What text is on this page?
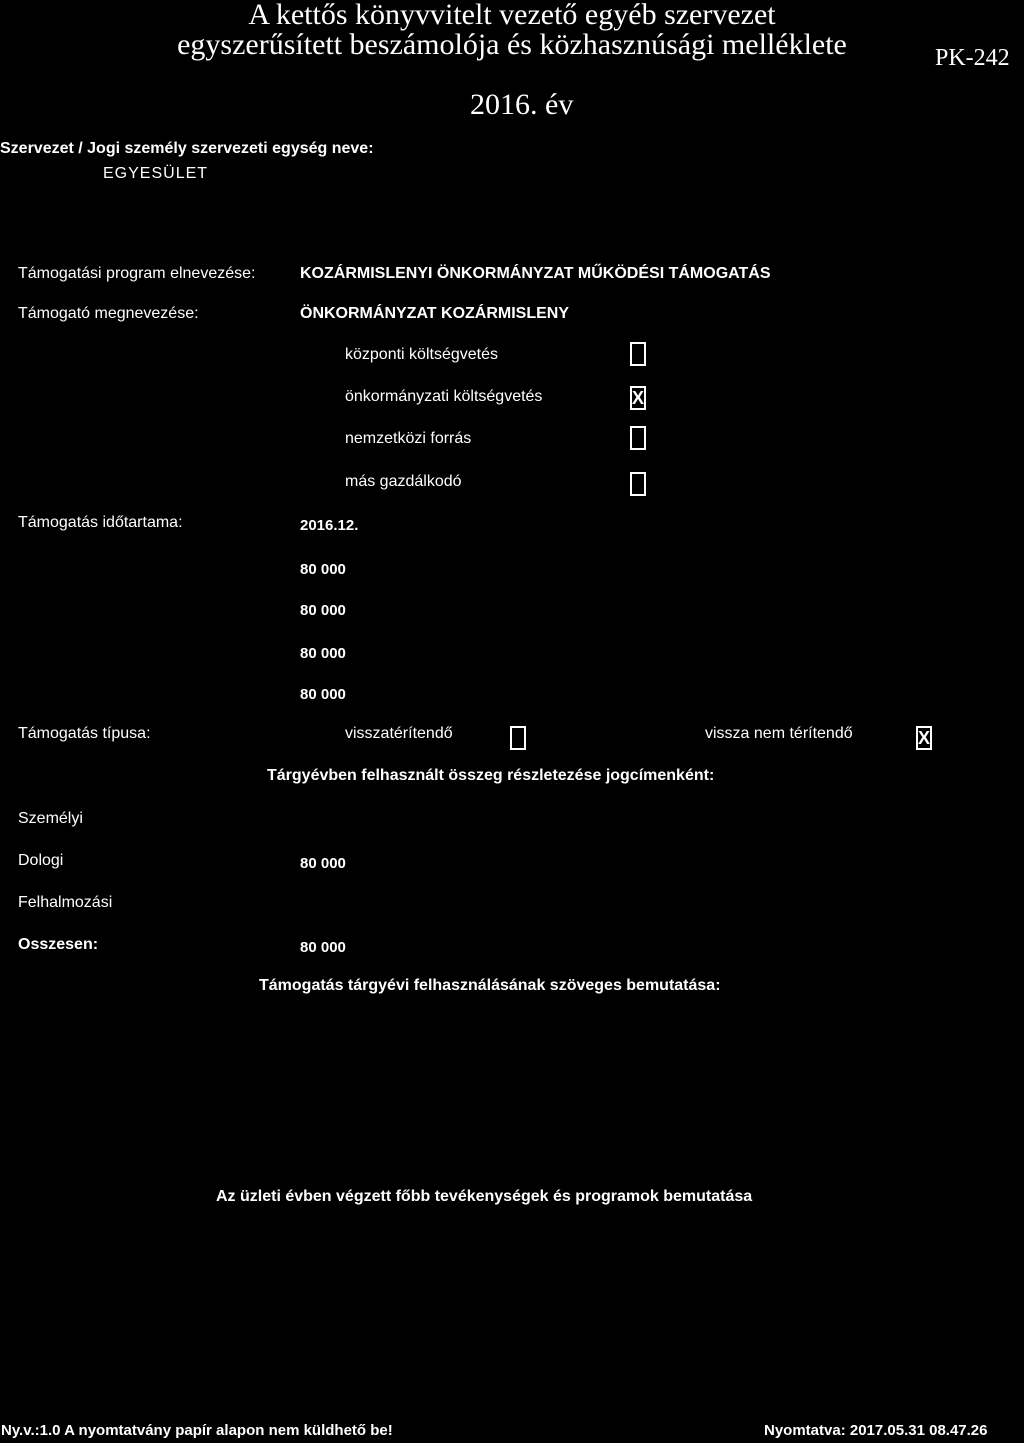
A kettős könyvvitelt vezető egyéb szervezet
egyszerűsített beszámolója és közhasznúsági melléklete	PK-242
2016. év
Szervezet / Jogi személy szervezeti egység neve:
EGYESÜLET
Támogatási program elnevezése:	KOZÁRMISLENYI ÖNKORMÁNYZAT MŰKÖDÉSI TÁMOGATÁS
Támogató megnevezése:	ÖNKORMÁNYZAT KOZÁRMISLENY
központi költségvetés
önkormányzati költségvetés	X
nemzetközi forrás
más gazdálkodó
Támogatás időtartama:	2016.12.
80 000
80 000
80 000
80 000
Támogatás típusa:	visszatérítendő	vissza nem térítendő	X
Tárgyévben felhasznált összeg részletezése jogcímenként:
Személyi
Dologi	80 000
Felhalmozási
Osszesen:	80 000
Támogatás tárgyévi felhasználásának szöveges bemutatása:
Az üzleti évben végzett főbb tevékenységek és programok bemutatása
Ny.v.:1.0 A nyomtatvány papír alapon nem küldhető be!	Nyomtatva: 2017.05.31 08.47.26
